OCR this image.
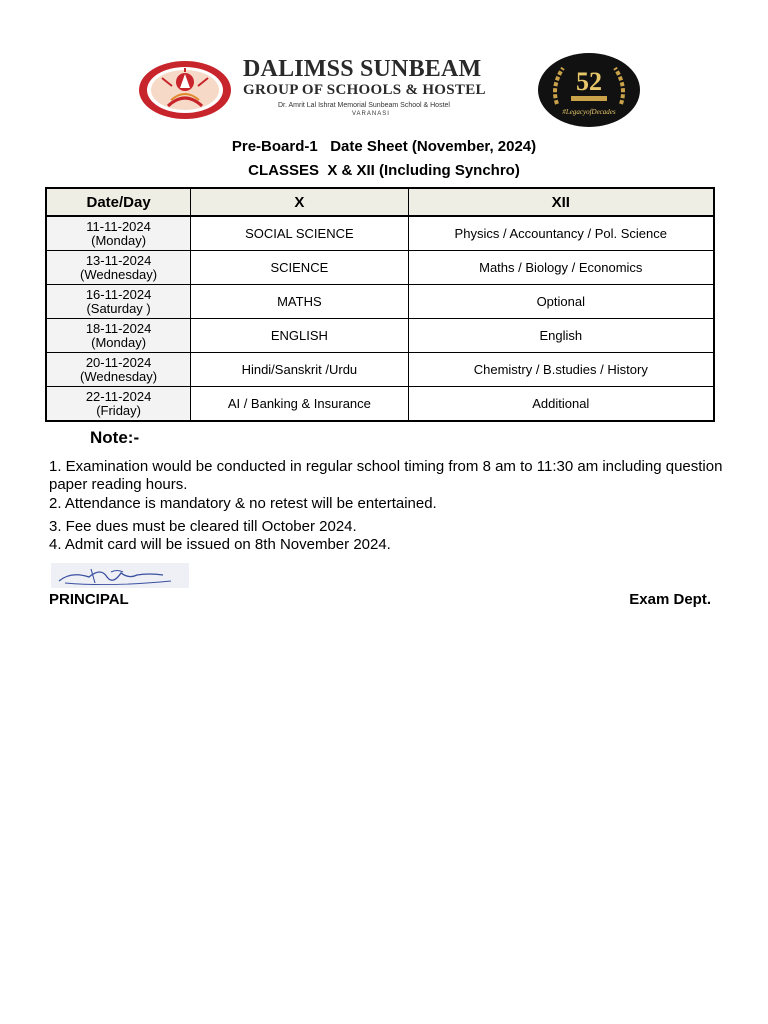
DALIMSS SUNBEAM
GROUP OF SCHOOLS & HOSTEL
Dr. Amrit Lal Ishrat Memorial Sunbeam School & Hostel
VARANASI
52
#LegacyofDecades
Pre-Board-1   Date Sheet (November, 2024)
CLASSES  X & XII (Including Synchro)
Date/Day	X	XII
11-11-2024
(Monday)	SOCIAL SCIENCE	Physics / Accountancy / Pol. Science
13-11-2024
(Wednesday)	SCIENCE	Maths / Biology / Economics
16-11-2024
(Saturday )	MATHS	Optional
18-11-2024
(Monday)	ENGLISH	English
20-11-2024
(Wednesday)	Hindi/Sanskrit /Urdu	Chemistry / B.studies / History
22-11-2024
(Friday)	AI / Banking & Insurance	Additional
Note:-
1. Examination would be conducted in regular school timing from 8 am to 11:30 am including question paper reading hours.
2. Attendance is mandatory & no retest will be entertained.
3. Fee dues must be cleared till October 2024.
4. Admit card will be issued on 8th November 2024.
PRINCIPAL	Exam Dept.
